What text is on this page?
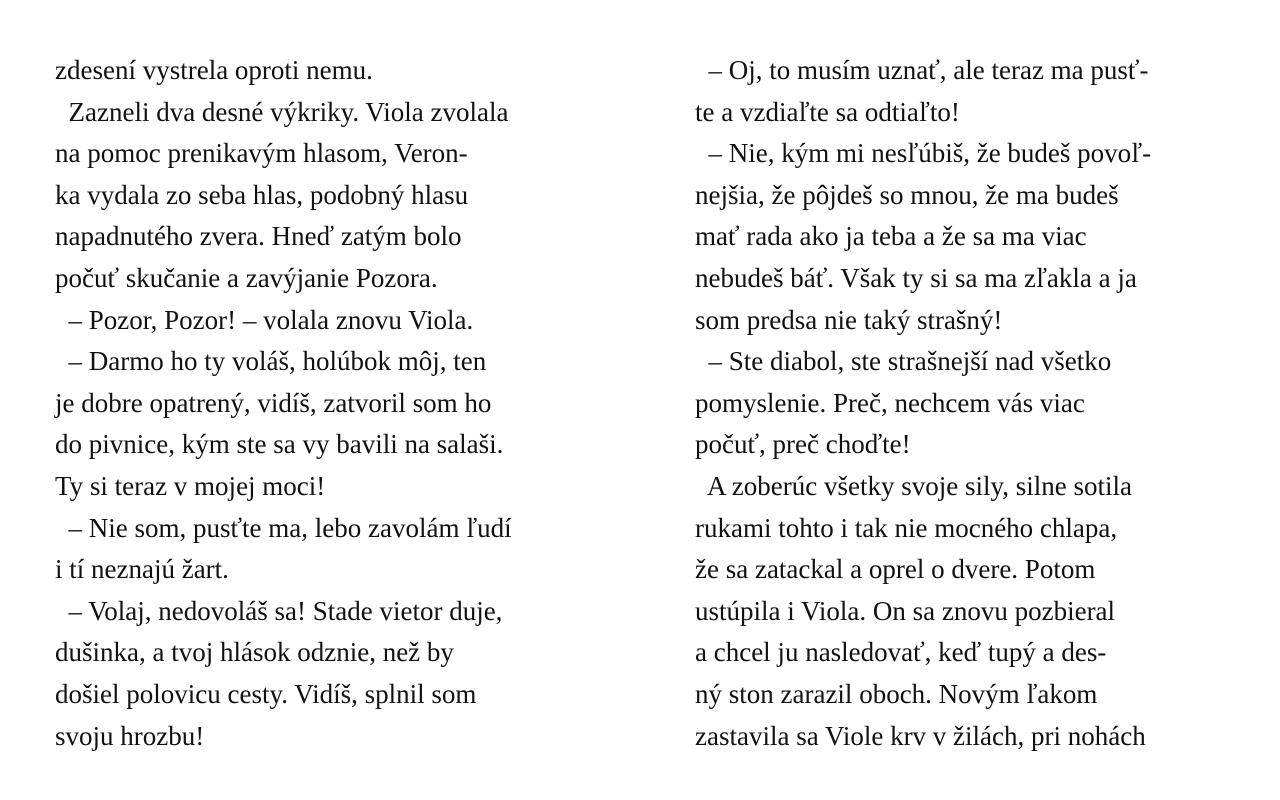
zdesení vystrela oproti nemu.
Zazneli dva desné výkriky. Viola zvolala
na pomoc prenikavým hlasom, Veron-
ka vydala zo seba hlas, podobný hlasu
napadnutého zvera. Hneď zatým bolo
počuť skučanie a zavýjanie Pozora.
– Pozor, Pozor! – volala znovu Viola.
– Darmo ho ty voláš, holúbok môj, ten
je dobre opatrený, vidíš, zatvoril som ho
do pivnice, kým ste sa vy bavili na salaši.
Ty si teraz v mojej moci!
– Nie som, pusťte ma, lebo zavolám ľudí
i tí neznajú žart.
– Volaj, nedovoláš sa! Stade vietor duje,
dušinka, a tvoj hlások odznie, než by
došiel polovicu cesty. Vidíš, splnil som
svoju hrozbu!
– Oj, to musím uznať, ale teraz ma pusť-
te a vzdiaľte sa odtiaľto!
– Nie, kým mi nesľúbiš, že budeš povoľ-
nejšia, že pôjdeš so mnou, že ma budeš
mať rada ako ja teba a že sa ma viac
nebudeš báť. Však ty si sa ma zľakla a ja
som predsa nie taký strašný!
– Ste diabol, ste strašnejší nad všetko
pomyslenie. Preč, nechcem vás viac
počuť, preč choďte!
A zoberúc všetky svoje sily, silne sotila
rukami tohto i tak nie mocného chlapa,
že sa zatackal a oprel o dvere. Potom
ustúpila i Viola. On sa znovu pozbieral
a chcel ju nasledovať, keď tupý a des-
ný ston zarazil oboch. Novým ľakom
zastavila sa Viole krv v žilách, pri nohách
